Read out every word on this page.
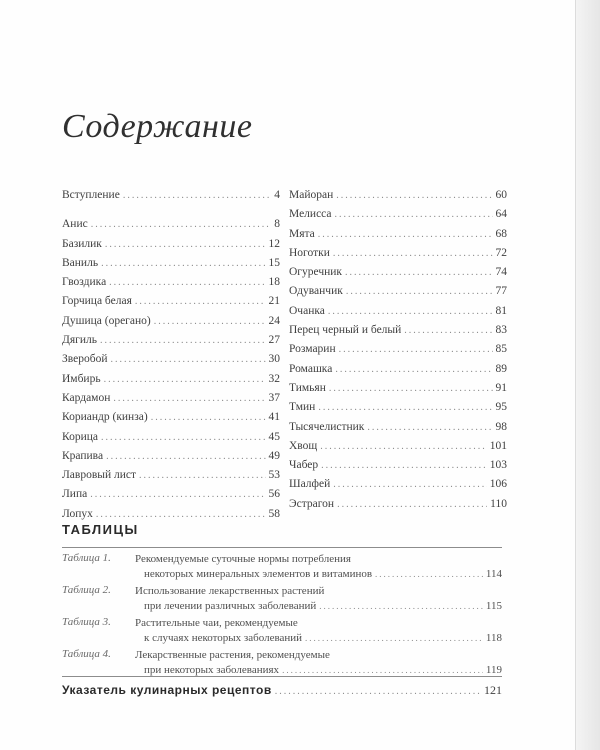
Содержание
Вступление .....	4
Анис .....	8
Базилик .....	12
Ваниль .....	15
Гвоздика .....	18
Горчица белая .....	21
Душица (орегано) .....	24
Дягиль .....	27
Зверобой .....	30
Имбирь .....	32
Кардамон .....	37
Кориандр (кинза) .....	41
Корица .....	45
Крапива .....	49
Лавровый лист .....	53
Липа .....	56
Лопух .....	58
Майоран .....	60
Мелисса .....	64
Мята .....	68
Ноготки .....	72
Огуречник .....	74
Одуванчик .....	77
Очанка .....	81
Перец черный и белый .....	83
Розмарин .....	85
Ромашка .....	89
Тимьян .....	91
Тмин .....	95
Тысячелистник .....	98
Хвощ .....	101
Чабер .....	103
Шалфей .....	106
Эстрагон .....	110
ТАБЛИЦЫ
Таблица 1. Рекомендуемые суточные нормы потребления
некоторых минеральных элементов и витаминов .....	114
Таблица 2. Использование лекарственных растений
при лечении различных заболеваний .....	115
Таблица 3. Растительные чаи, рекомендуемые
к случаях некоторых заболеваний .....	118
Таблица 4. Лекарственные растения, рекомендуемые
при некоторых заболеваниях .....	119
Указатель кулинарных рецептов .....	121
